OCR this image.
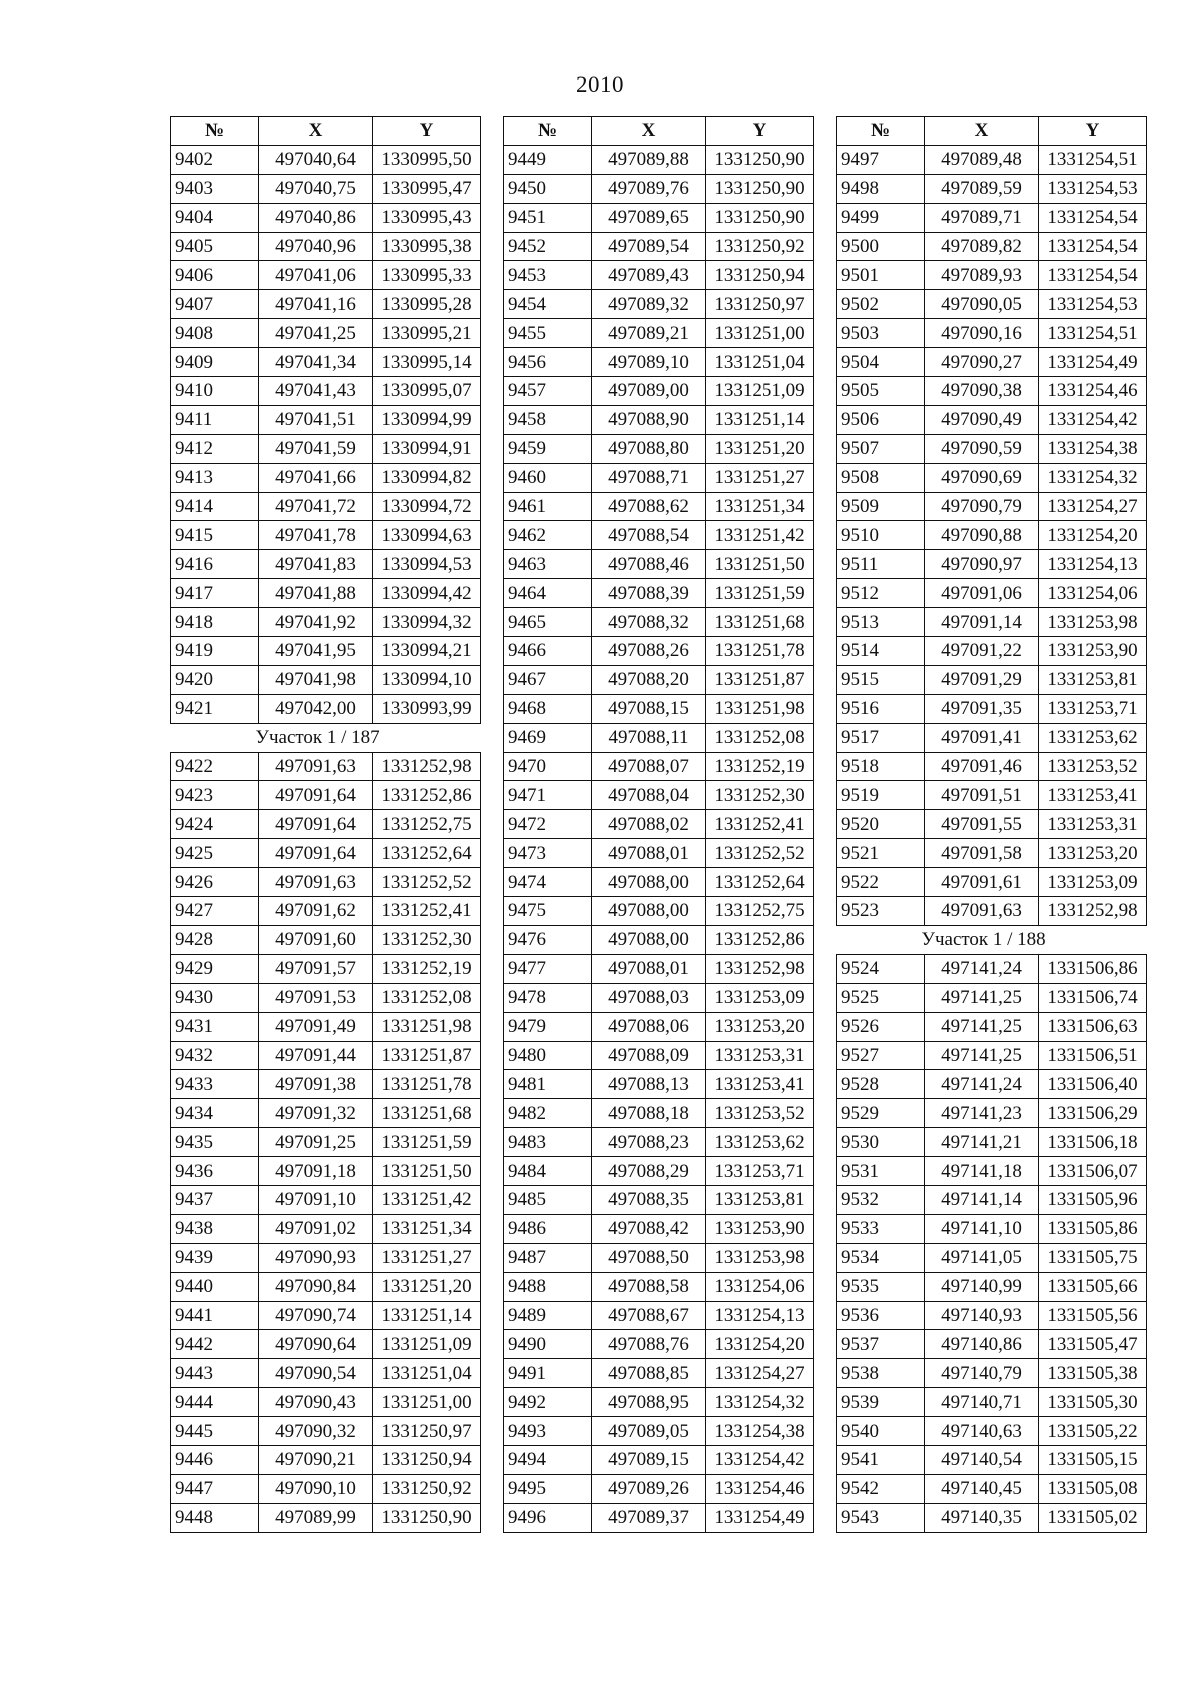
2010
№	X	Y
9402	497040,64	1330995,50
9403	497040,75	1330995,47
9404	497040,86	1330995,43
9405	497040,96	1330995,38
9406	497041,06	1330995,33
9407	497041,16	1330995,28
9408	497041,25	1330995,21
9409	497041,34	1330995,14
9410	497041,43	1330995,07
9411	497041,51	1330994,99
9412	497041,59	1330994,91
9413	497041,66	1330994,82
9414	497041,72	1330994,72
9415	497041,78	1330994,63
9416	497041,83	1330994,53
9417	497041,88	1330994,42
9418	497041,92	1330994,32
9419	497041,95	1330994,21
9420	497041,98	1330994,10
9421	497042,00	1330993,99
Участок 1 / 187		
9422	497091,63	1331252,98
9423	497091,64	1331252,86
9424	497091,64	1331252,75
9425	497091,64	1331252,64
9426	497091,63	1331252,52
9427	497091,62	1331252,41
9428	497091,60	1331252,30
9429	497091,57	1331252,19
9430	497091,53	1331252,08
9431	497091,49	1331251,98
9432	497091,44	1331251,87
9433	497091,38	1331251,78
9434	497091,32	1331251,68
9435	497091,25	1331251,59
9436	497091,18	1331251,50
9437	497091,10	1331251,42
9438	497091,02	1331251,34
9439	497090,93	1331251,27
9440	497090,84	1331251,20
9441	497090,74	1331251,14
9442	497090,64	1331251,09
9443	497090,54	1331251,04
9444	497090,43	1331251,00
9445	497090,32	1331250,97
9446	497090,21	1331250,94
9447	497090,10	1331250,92
9448	497089,99	1331250,90
№	X	Y
9449	497089,88	1331250,90
9450	497089,76	1331250,90
9451	497089,65	1331250,90
9452	497089,54	1331250,92
9453	497089,43	1331250,94
9454	497089,32	1331250,97
9455	497089,21	1331251,00
9456	497089,10	1331251,04
9457	497089,00	1331251,09
9458	497088,90	1331251,14
9459	497088,80	1331251,20
9460	497088,71	1331251,27
9461	497088,62	1331251,34
9462	497088,54	1331251,42
9463	497088,46	1331251,50
9464	497088,39	1331251,59
9465	497088,32	1331251,68
9466	497088,26	1331251,78
9467	497088,20	1331251,87
9468	497088,15	1331251,98
9469	497088,11	1331252,08
9470	497088,07	1331252,19
9471	497088,04	1331252,30
9472	497088,02	1331252,41
9473	497088,01	1331252,52
9474	497088,00	1331252,64
9475	497088,00	1331252,75
9476	497088,00	1331252,86
9477	497088,01	1331252,98
9478	497088,03	1331253,09
9479	497088,06	1331253,20
9480	497088,09	1331253,31
9481	497088,13	1331253,41
9482	497088,18	1331253,52
9483	497088,23	1331253,62
9484	497088,29	1331253,71
9485	497088,35	1331253,81
9486	497088,42	1331253,90
9487	497088,50	1331253,98
9488	497088,58	1331254,06
9489	497088,67	1331254,13
9490	497088,76	1331254,20
9491	497088,85	1331254,27
9492	497088,95	1331254,32
9493	497089,05	1331254,38
9494	497089,15	1331254,42
9495	497089,26	1331254,46
9496	497089,37	1331254,49
№	X	Y
9497	497089,48	1331254,51
9498	497089,59	1331254,53
9499	497089,71	1331254,54
9500	497089,82	1331254,54
9501	497089,93	1331254,54
9502	497090,05	1331254,53
9503	497090,16	1331254,51
9504	497090,27	1331254,49
9505	497090,38	1331254,46
9506	497090,49	1331254,42
9507	497090,59	1331254,38
9508	497090,69	1331254,32
9509	497090,79	1331254,27
9510	497090,88	1331254,20
9511	497090,97	1331254,13
9512	497091,06	1331254,06
9513	497091,14	1331253,98
9514	497091,22	1331253,90
9515	497091,29	1331253,81
9516	497091,35	1331253,71
9517	497091,41	1331253,62
9518	497091,46	1331253,52
9519	497091,51	1331253,41
9520	497091,55	1331253,31
9521	497091,58	1331253,20
9522	497091,61	1331253,09
9523	497091,63	1331252,98
Участок 1 / 188		
9524	497141,24	1331506,86
9525	497141,25	1331506,74
9526	497141,25	1331506,63
9527	497141,25	1331506,51
9528	497141,24	1331506,40
9529	497141,23	1331506,29
9530	497141,21	1331506,18
9531	497141,18	1331506,07
9532	497141,14	1331505,96
9533	497141,10	1331505,86
9534	497141,05	1331505,75
9535	497140,99	1331505,66
9536	497140,93	1331505,56
9537	497140,86	1331505,47
9538	497140,79	1331505,38
9539	497140,71	1331505,30
9540	497140,63	1331505,22
9541	497140,54	1331505,15
9542	497140,45	1331505,08
9543	497140,35	1331505,02
